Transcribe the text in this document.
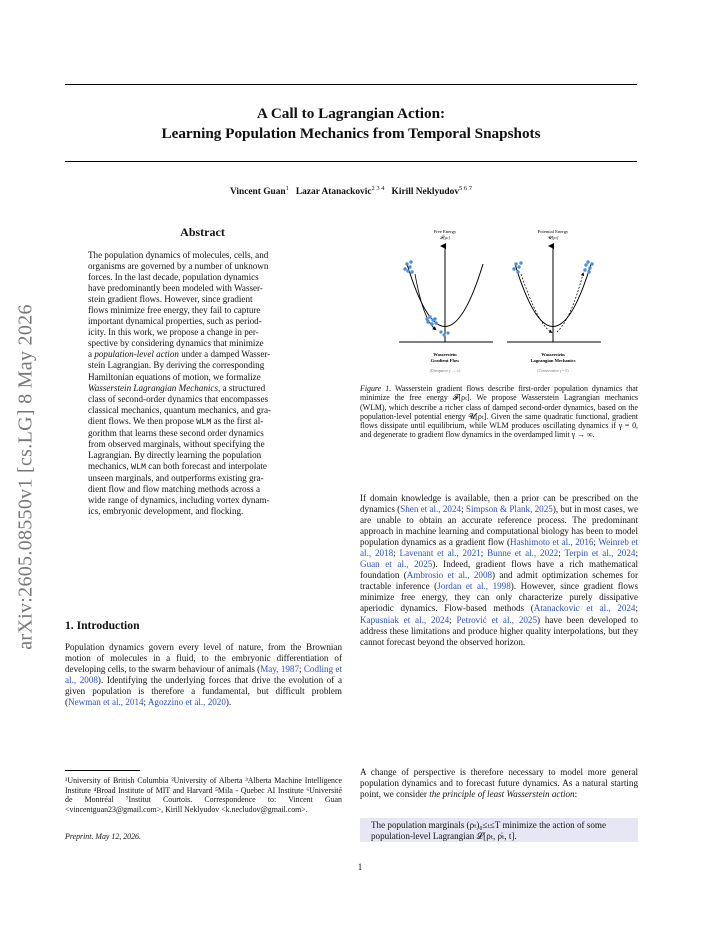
A Call to Lagrangian Action:
Learning Population Mechanics from Temporal Snapshots
Vincent Guan$^1$ Lazar Atanackovic$^{2 3 4}$ Kirill Neklyudov$^{5 6 7}$
arXiv:2605.08550v1 [cs.LG] 8 May 2026
Abstract
The population dynamics of molecules, cells, and
organisms are governed by a number of unknown
forces. In the last decade, population dynamics
have predominantly been modeled with Wasser-
stein gradient flows. However, since gradient
flows minimize free energy, they fail to capture
important dynamical properties, such as period-
icity. In this work, we propose a change in per-
spective by considering dynamics that minimize
a population-level action under a damped Wasser-
stein Lagrangian. By deriving the corresponding
Hamiltonian equations of motion, we formalize
Wasserstein Lagrangian Mechanics, a structured
class of second-order dynamics that encompasses
classical mechanics, quantum mechanics, and gra-
dient flows. We then propose WLM as the first al-
gorithm that learns these second order dynamics
from observed marginals, without specifying the
Lagrangian. By directly learning the population
mechanics, WLM can both forecast and interpolate
unseen marginals, and outperforms existing gra-
dient flow and flow matching methods across a
wide range of dynamics, including vortex dynam-
ics, embryonic development, and flocking.
1. Introduction
Population dynamics govern every level of nature, from the Brownian motion of molecules in a fluid, to the embryonic differentiation of developing cells, to the swarm behaviour of animals (May, 1987; Codling et al., 2008). Identifying the underlying forces that drive the evolution of a given population is therefore a fundamental, but difficult problem (Newman et al., 2014; Agozzino et al., 2020).
¹University of British Columbia ²University of Alberta ³Alberta Machine Intelligence Institute ⁴Broad Institute of MIT and Harvard ⁵Mila - Quebec AI Institute ⁶Université de Montréal ⁷Institut Courtois. Correspondence to: Vincent Guan <vincentguan23@gmail.com>, Kirill Neklyudov <k.necludov@gmail.com>.
Preprint. May 12, 2026.
Free Energy
𝓕[ρₜ]
Wasserstein
Gradient Flow
(Dissipative γ → ∞)
Potential Energy
𝓤[ρₜ]
Wasserstein
Lagrangian Mechanics
(Conservative γ = 0)
Figure 1. Wasserstein gradient flows describe first-order population dynamics that minimize the free energy 𝓕[ρₜ]. We propose Wasserstein Lagrangian mechanics (WLM), which describe a richer class of damped second-order dynamics, based on the population-level potential energy 𝓤[ρₜ]. Given the same quadratic functional, gradient flows dissipate until equilibrium, while WLM produces oscillating dynamics if γ = 0, and degenerate to gradient flow dynamics in the overdamped limit γ → ∞.
If domain knowledge is available, then a prior can be prescribed on the dynamics (Shen et al., 2024; Simpson & Plank, 2025), but in most cases, we are unable to obtain an accurate reference process. The predominant approach in machine learning and computational biology has been to model population dynamics as a gradient flow (Hashimoto et al., 2016; Weinreb et al., 2018; Lavenant et al., 2021; Bunne et al., 2022; Terpin et al., 2024; Guan et al., 2025). Indeed, gradient flows have a rich mathematical foundation (Ambrosio et al., 2008) and admit optimization schemes for tractable inference (Jordan et al., 1998). However, since gradient flows minimize free energy, they can only characterize purely dissipative aperiodic dynamics. Flow-based methods (Atanackovic et al., 2024; Kapusniak et al., 2024; Petrović et al., 2025) have been developed to address these limitations and produce higher quality interpolations, but they cannot forecast beyond the observed horizon.
A change of perspective is therefore necessary to model more general population dynamics and to forecast future dynamics. As a natural starting point, we consider the principle of least Wasserstein action:
The population marginals (ρₜ)₀≤ₜ≤T minimize the action of some population-level Lagrangian 𝓛[ρₜ, ρ̇ₜ, t].
1
